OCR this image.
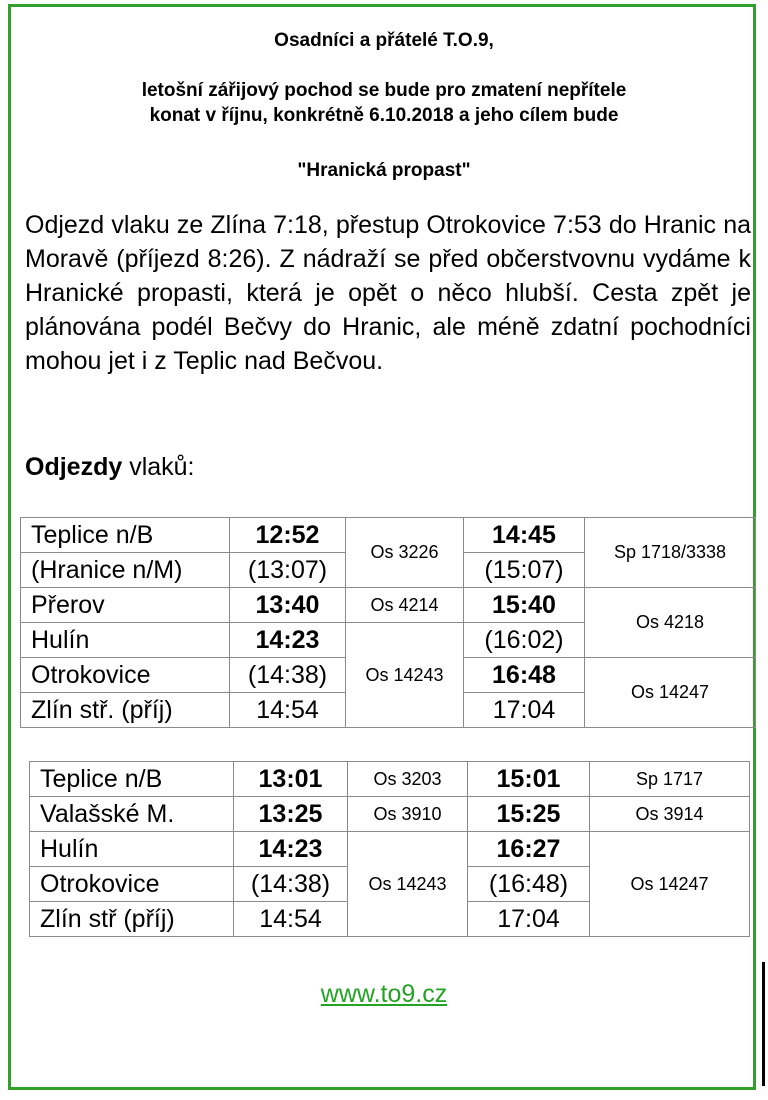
Osadníci a přátelé T.O.9,
letošní zářijový pochod se bude pro zmatení nepřítele
konat v říjnu, konkrétně 6.10.2018 a jeho cílem bude
"Hranická propast"

Odjezd vlaku ze Zlína 7:18, přestup Otrokovice 7:53 do Hranic na Moravě (příjezd 8:26). Z nádraží se před občerstvovnu vydáme k Hranické propasti, která je opět o něco hlubší. Cesta zpět je plánována podél Bečvy do Hranic, ale méně zdatní pochodníci mohou jet i z Teplic nad Bečvou.

Odjezdy vlaků:
Teplice n/B	12:52	Os 3226	14:45	Sp 1718/3338
(Hranice n/M)	(13:07)		(15:07)	
Přerov	13:40	Os 4214	15:40	Os 4218
Hulín	14:23	Os 14243	(16:02)	
Otrokovice	(14:38)		16:48	Os 14247
Zlín stř. (příj)	14:54		17:04	
Teplice n/B	13:01	Os 3203	15:01	Sp 1717
Valašské M.	13:25	Os 3910	15:25	Os 3914
Hulín	14:23	Os 14243	16:27	Os 14247
Otrokovice	(14:38)		(16:48)	
Zlín stř (příj)	14:54		17:04	
www.to9.cz
